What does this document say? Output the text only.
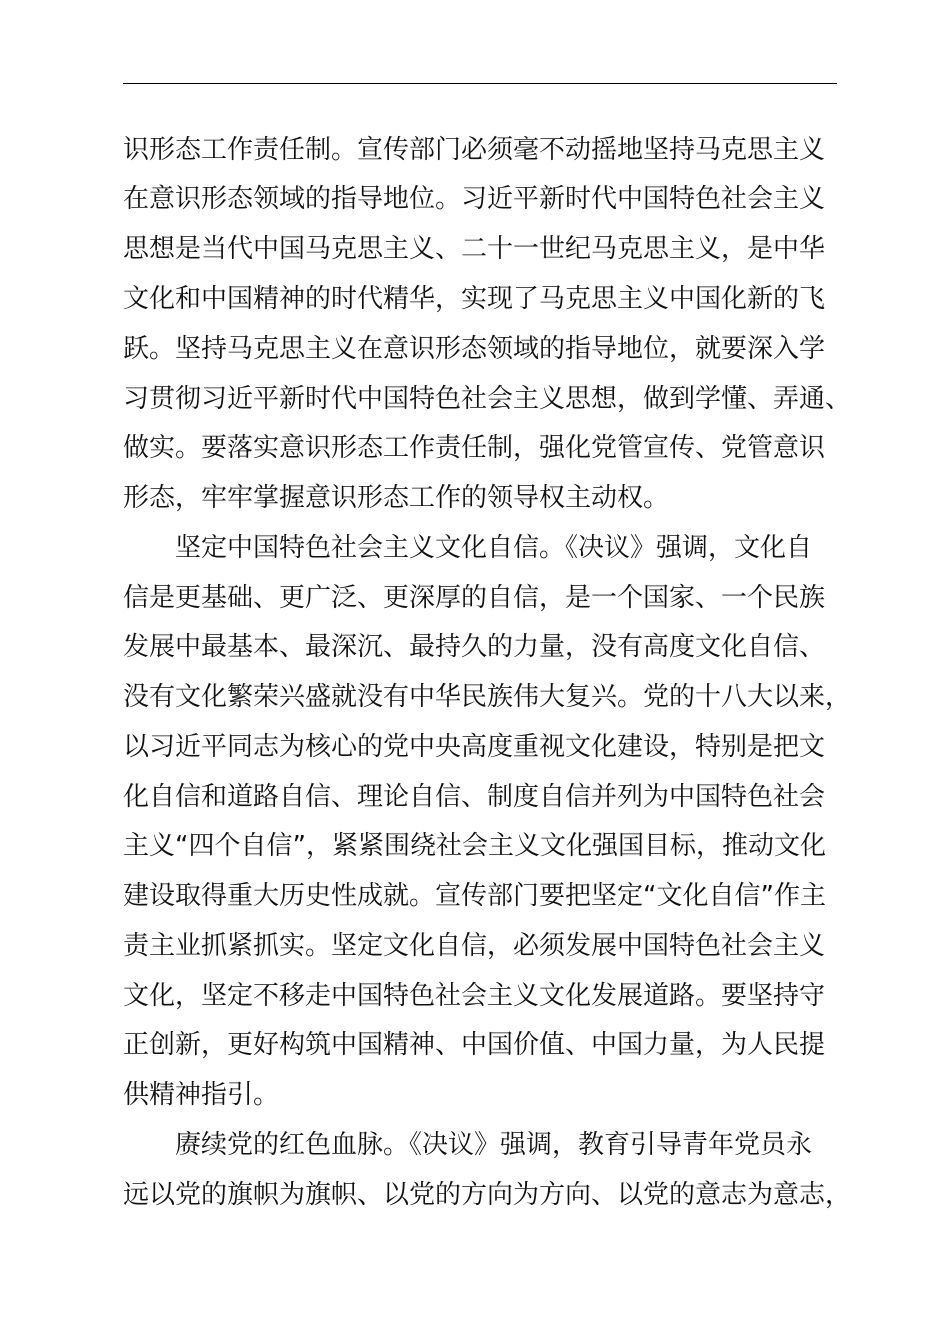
识形态工作责任制。宣传部门必须毫不动摇地坚持马克思主义
在意识形态领域的指导地位。习近平新时代中国特色社会主义
思想是当代中国马克思主义、二十一世纪马克思主义，是中华
文化和中国精神的时代精华，实现了马克思主义中国化新的飞
跃。坚持马克思主义在意识形态领域的指导地位，就要深入学
习贯彻习近平新时代中国特色社会主义思想，做到学懂、弄通、
做实。要落实意识形态工作责任制，强化党管宣传、党管意识
形态，牢牢掌握意识形态工作的领导权主动权。
坚定中国特色社会主义文化自信。《决议》强调，文化自
信是更基础、更广泛、更深厚的自信，是一个国家、一个民族
发展中最基本、最深沉、最持久的力量，没有高度文化自信、
没有文化繁荣兴盛就没有中华民族伟大复兴。党的十八大以来，
以习近平同志为核心的党中央高度重视文化建设，特别是把文
化自信和道路自信、理论自信、制度自信并列为中国特色社会
主义“四个自信”，紧紧围绕社会主义文化强国目标，推动文化
建设取得重大历史性成就。宣传部门要把坚定“文化自信”作主
责主业抓紧抓实。坚定文化自信，必须发展中国特色社会主义
文化，坚定不移走中国特色社会主义文化发展道路。要坚持守
正创新，更好构筑中国精神、中国价值、中国力量，为人民提
供精神指引。
赓续党的红色血脉。《决议》强调，教育引导青年党员永
远以党的旗帜为旗帜、以党的方向为方向、以党的意志为意志，
